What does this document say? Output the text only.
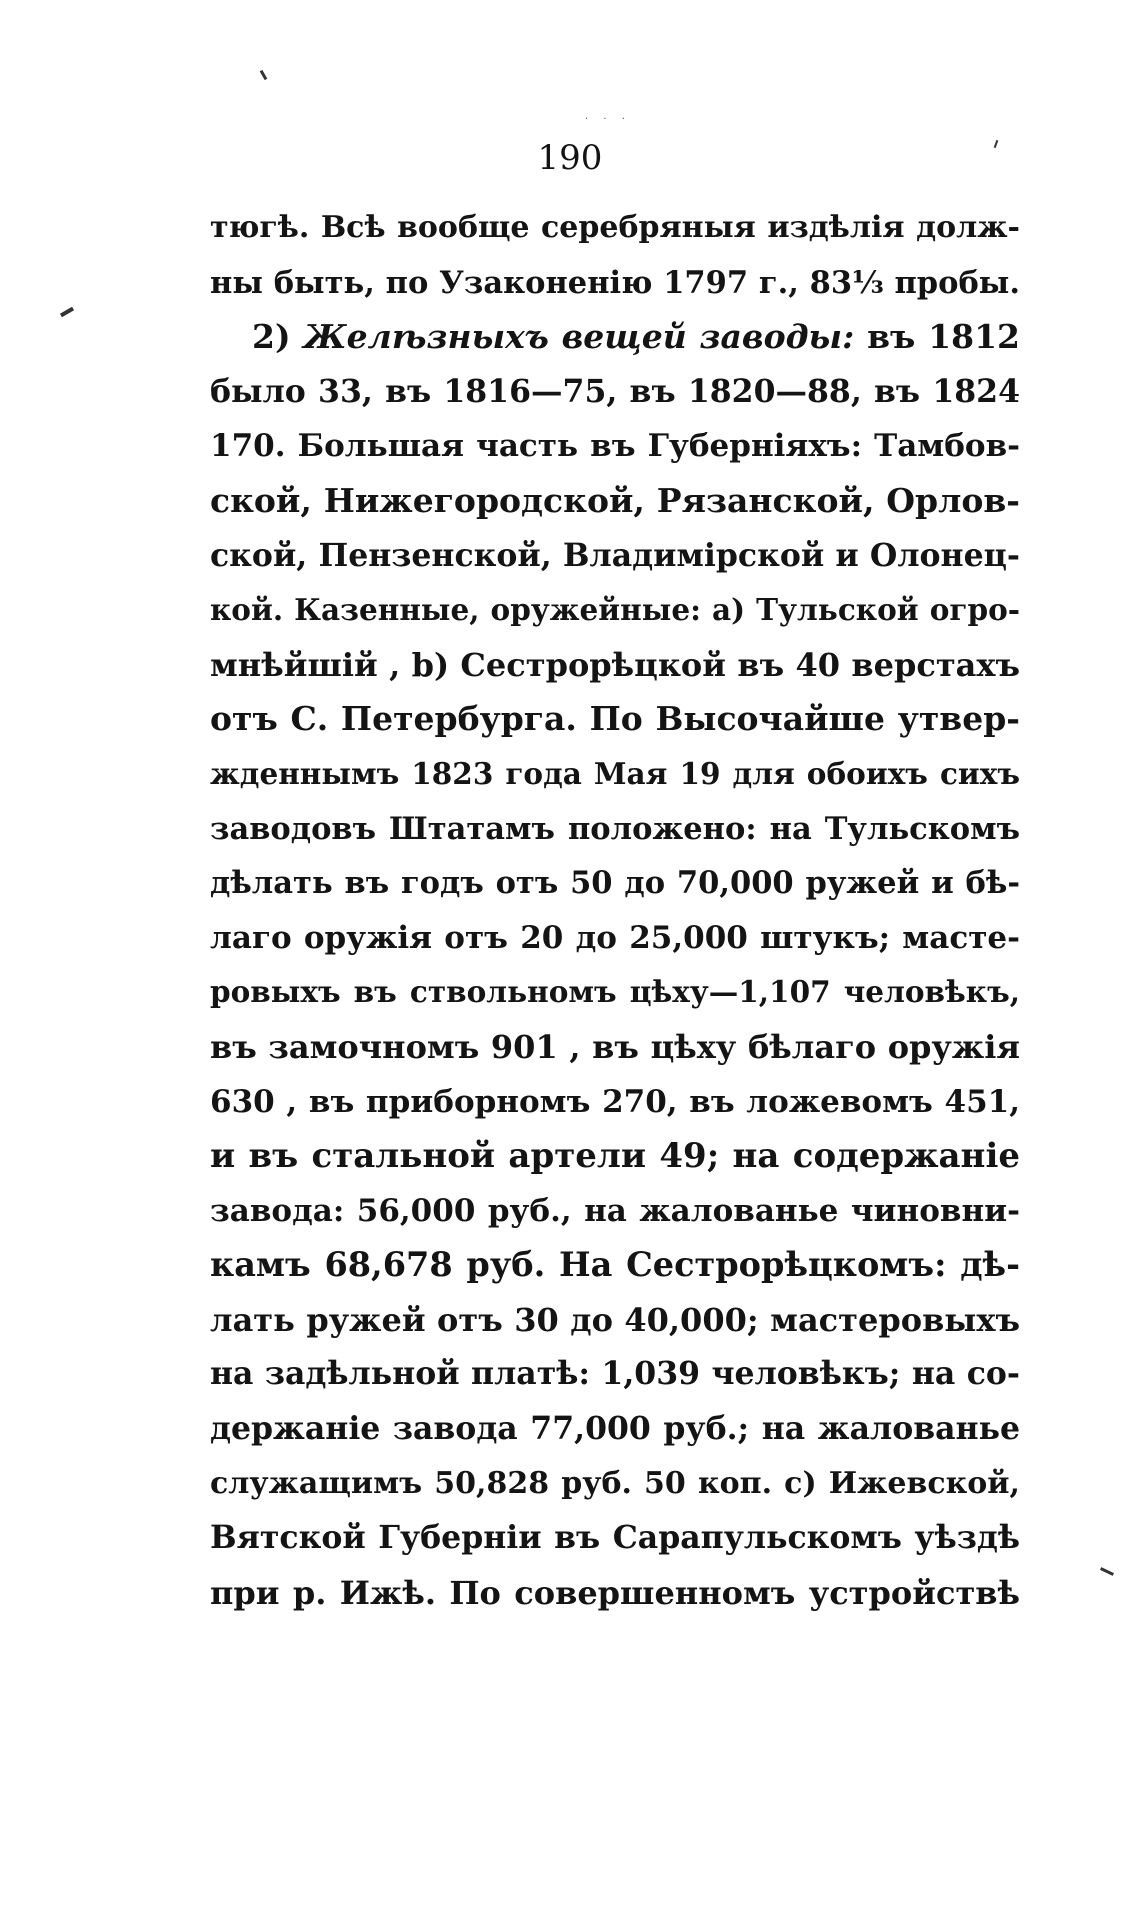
· · ·
190
тюгѣ. Всѣ вообще серебряныя издѣлія долж-
ны быть, по Узаконенію 1797 г., 83⅓ пробы.
2) Желѣзныхъ вещей заводы: въ 1812
было 33, въ 1816—75, въ 1820—88, въ 1824
170. Большая часть въ Губерніяхъ: Тамбов-
ской, Нижегородской, Рязанской, Орлов-
ской, Пензенской, Владимірской и Олонец-
кой. Казенные, оружейные: a) Тульской огро-
мнѣйшій , b) Сестрорѣцкой въ 40 верстахъ
отъ С. Петербурга. По Высочайше утвер-
жденнымъ 1823 года Мая 19 для обоихъ сихъ
заводовъ Штатамъ положено: на Тульскомъ
дѣлать въ годъ отъ 50 до 70,000 ружей и бѣ-
лаго оружія отъ 20 до 25,000 штукъ; масте-
ровыхъ въ ствольномъ цѣху—1,107 человѣкъ,
въ замочномъ 901 , въ цѣху бѣлаго оружія
630 , въ приборномъ 270, въ ложевомъ 451,
и въ стальной артели 49; на содержаніе
завода: 56,000 руб., на жалованье чиновни-
камъ 68,678 руб. На Сестрорѣцкомъ: дѣ-
лать ружей отъ 30 до 40,000; мастеровыхъ
на задѣльной платѣ: 1,039 человѣкъ; на со-
держаніе завода 77,000 руб.; на жалованье
служащимъ 50,828 руб. 50 коп. c) Ижевской,
Вятской Губерніи въ Сарапульскомъ уѣздѣ
при р. Ижѣ. По совершенномъ устройствѣ
